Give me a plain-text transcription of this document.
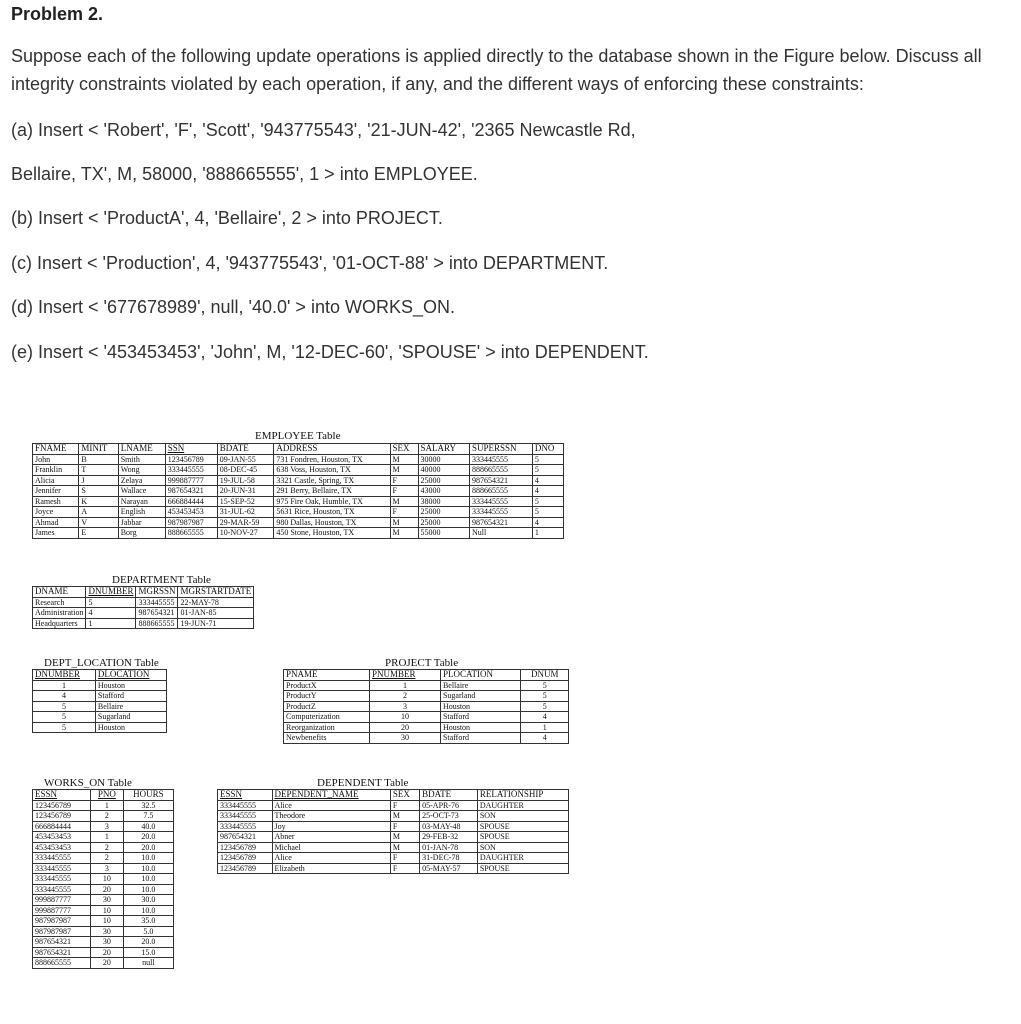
Problem 2.

Suppose each of the following update operations is applied directly to the database shown in the Figure below. Discuss all integrity constraints violated by each operation, if any, and the different ways of enforcing these constraints:

(a) Insert < 'Robert', 'F', 'Scott', '943775543', '21-JUN-42', '2365 Newcastle Rd,

Bellaire, TX', M, 58000, '888665555', 1 > into EMPLOYEE.

(b) Insert < 'ProductA', 4, 'Bellaire', 2 > into PROJECT.

(c) Insert < 'Production', 4, '943775543', '01-OCT-88' > into DEPARTMENT.

(d) Insert < '677678989', null, '40.0' > into WORKS_ON.

(e) Insert < '453453453', 'John', M, '12-DEC-60', 'SPOUSE' > into DEPENDENT.

EMPLOYEE Table
FNAME	MINIT	LNAME	SSN	BDATE	ADDRESS	SEX	SALARY	SUPERSSN	DNO
John	B	Smith	123456789	09-JAN-55	731 Fondren, Houston, TX	M	30000	333445555	5
Franklin	T	Wong	333445555	08-DEC-45	638 Voss, Houston, TX	M	40000	888665555	5
Alicia	J	Zelaya	999887777	19-JUL-58	3321 Castle, Spring, TX	F	25000	987654321	4
Jennifer	S	Wallace	987654321	20-JUN-31	291 Berry, Bellaire, TX	F	43000	888665555	4
Ramesh	K	Narayan	666884444	15-SEP-52	975 Fire Oak, Humble, TX	M	38000	333445555	5
Joyce	A	English	453453453	31-JUL-62	5631 Rice, Houston, TX	F	25000	333445555	5
Ahmad	V	Jabbar	987987987	29-MAR-59	980 Dallas, Houston, TX	M	25000	987654321	4
James	E	Borg	888665555	10-NOV-27	450 Stone, Houston, TX	M	55000	Null	1
DEPARTMENT Table
DNAME	DNUMBER	MGRSSN	MGRSTARTDATE
Research	5	333445555	22-MAY-78
Administration	4	987654321	01-JAN-85
Headquarters	1	888665555	19-JUN-71
DEPT_LOCATION Table
DNUMBER	DLOCATION
1	Houston
4	Stafford
5	Bellaire
5	Sugarland
5	Houston
PROJECT Table
PNAME	PNUMBER	PLOCATION	DNUM
ProductX	1	Bellaire	5
ProductY	2	Sugarland	5
ProductZ	3	Houston	5
Computerization	10	Stafford	4
Reorganization	20	Houston	1
Newbenefits	30	Stafford	4
WORKS_ON Table
ESSN	PNO	HOURS
123456789	1	32.5
123456789	2	7.5
666884444	3	40.0
453453453	1	20.0
453453453	2	20.0
333445555	2	10.0
333445555	3	10.0
333445555	10	10.0
333445555	20	10.0
999887777	30	30.0
999887777	10	10.0
987987987	10	35.0
987987987	30	5.0
987654321	30	20.0
987654321	20	15.0
888665555	20	null
DEPENDENT Table
ESSN	DEPENDENT_NAME	SEX	BDATE	RELATIONSHIP
333445555	Alice	F	05-APR-76	DAUGHTER
333445555	Theodore	M	25-OCT-73	SON
333445555	Joy	F	03-MAY-48	SPOUSE
987654321	Abner	M	29-FEB-32	SPOUSE
123456789	Michael	M	01-JAN-78	SON
123456789	Alice	F	31-DEC-78	DAUGHTER
123456789	Elizabeth	F	05-MAY-57	SPOUSE
